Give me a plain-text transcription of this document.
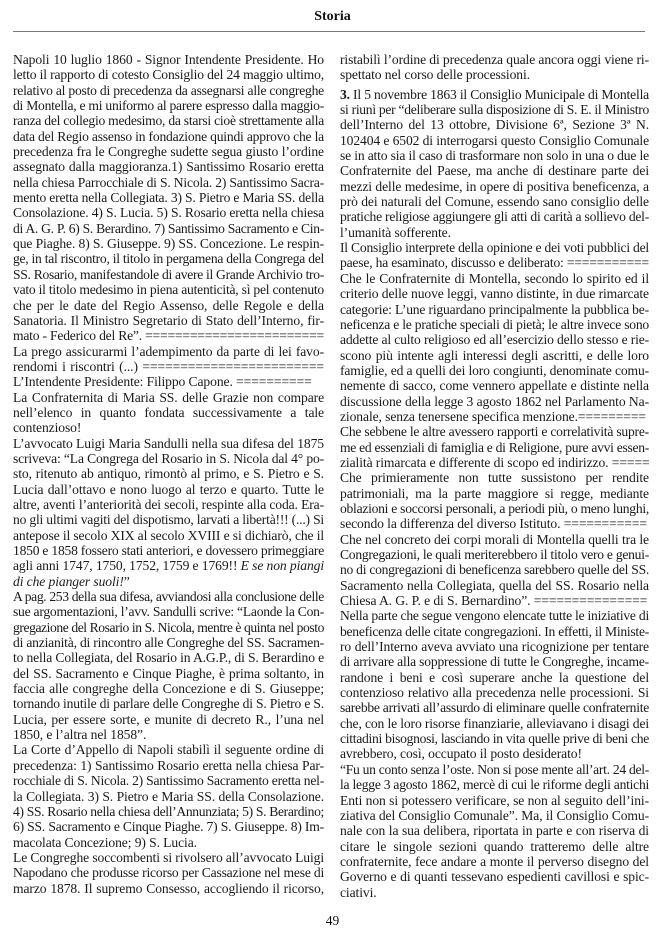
Storia
Napoli 10 luglio 1860 - Signor Intendente Presidente. Ho
letto il rapporto di cotesto Consiglio del 24 maggio ultimo,
relativo al posto di precedenza da assegnarsi alle congreghe
di Montella, e mi uniformo al parere espresso dalla maggio-
ranza del collegio medesimo, da starsi cioè strettamente alla
data del Regio assenso in fondazione quindi approvo che la
precedenza fra le Congreghe sudette segua giusto l’ordine
assegnato dalla maggioranza.1) Santissimo Rosario eretta
nella chiesa Parrocchiale di S. Nicola. 2) Santissimo Sacra-
mento eretta nella Collegiata. 3) S. Pietro e Maria SS. della
Consolazione. 4) S. Lucia. 5) S. Rosario eretta nella chiesa
di A. G. P. 6) S. Berardino. 7) Santissimo Sacramento e Cin-
que Piaghe. 8) S. Giuseppe. 9) SS. Concezione. Le respin-
ge, in tal riscontro, il titolo in pergamena della Congrega del
SS. Rosario, manifestandole di avere il Grande Archivio tro-
vato il titolo medesimo in piena autenticità, sì pel contenuto
che per le date del Regio Assenso, delle Regole e della
Sanatoria. Il Ministro Segretario di Stato dell’Interno, fir-
mato - Federico del Re”. ========================
La prego assicurarmi l’adempimento da parte di lei favo-
rendomi i riscontri (...) ========================
L’Intendente Presidente: Filippo Capone. ==========
La Confraternita di Maria SS. delle Grazie non compare
nell’elenco in quanto fondata successivamente a tale
contenzioso!
L’avvocato Luigi Maria Sandulli nella sua difesa del 1875
scriveva: “La Congrega del Rosario in S. Nicola dal 4° po-
sto, ritenuto ab antiquo, rimontò al primo, e S. Pietro e S.
Lucia dall’ottavo e nono luogo al terzo e quarto. Tutte le
altre, aventi l’anteriorità dei secoli, respinte alla coda. Era-
no gli ultimi vagiti del dispotismo, larvati a libertà!!! (...) Si
antepose il secolo XIX al secolo XVIII e si dichiarò, che il
1850 e 1858 fossero stati anteriori, e dovessero primeggiare
agli anni 1747, 1750, 1752, 1759 e 1769!! E se non piangi
di che pianger suoli!”
A pag. 253 della sua difesa, avviandosi alla conclusione delle
sue argomentazioni, l’avv. Sandulli scrive: “Laonde la Con-
gregazione del Rosario in S. Nicola, mentre è quinta nel posto
di anzianità, di rincontro alle Congreghe del SS. Sacramen-
to nella Collegiata, del Rosario in A.G.P., di S. Berardino e
del SS. Sacramento e Cinque Piaghe, è prima soltanto, in
faccia alle congreghe della Concezione e di S. Giuseppe;
tornando inutile di parlare delle Congreghe di S. Pietro e S.
Lucia, per essere sorte, e munite di decreto R., l’una nel
1850, e l’altra nel 1858”.
La Corte d’Appello di Napoli stabilì il seguente ordine di
precedenza: 1) Santissimo Rosario eretta nella chiesa Par-
rocchiale di S. Nicola. 2) Santissimo Sacramento eretta nel-
la Collegiata. 3) S. Pietro e Maria SS. della Consolazione.
4) SS. Rosario nella chiesa dell’Annunziata; 5) S. Berardino;
6) SS. Sacramento e Cinque Piaghe. 7) S. Giuseppe. 8) Im-
macolata Concezione; 9) S. Lucia.
Le Congreghe soccombenti si rivolsero all’avvocato Luigi
Napodano che produsse ricorso per Cassazione nel mese di
marzo 1878. Il supremo Consesso, accogliendo il ricorso,
ristabilì l’ordine di precedenza quale ancora oggi viene ri-
spettato nel corso delle processioni.
3. Il 5 novembre 1863 il Consiglio Municipale di Montella
si riunì per “deliberare sulla disposizione di S. E. il Ministro
dell’Interno del 13 ottobre, Divisione 6ª, Sezione 3ª N.
102404 e 6502 di interrogarsi questo Consiglio Comunale
se in atto sia il caso di trasformare non solo in una o due le
Confraternite del Paese, ma anche di destinare parte dei
mezzi delle medesime, in opere di positiva beneficenza, a
prò dei naturali del Comune, essendo sano consiglio delle
pratiche religiose aggiungere gli atti di carità a sollievo del-
l’umanità sofferente.
Il Consiglio interprete della opinione e dei voti pubblici del
paese, ha esaminato, discusso e deliberato: ===========
Che le Confraternite di Montella, secondo lo spirito ed il
criterio delle nuove leggi, vanno distinte, in due rimarcate
categorie: L’une riguardano principalmente la pubblica be-
neficenza e le pratiche speciali di pietà; le altre invece sono
addette al culto religioso ed all’esercizio dello stesso e rie-
scono più intente agli interessi degli ascritti, e delle loro
famiglie, ed a quelli dei loro congiunti, denominate comu-
nemente di sacco, come vennero appellate e distinte nella
discussione della legge 3 agosto 1862 nel Parlamento Na-
zionale, senza tenersene specifica menzione.=========
Che sebbene le altre avessero rapporti e correlatività supre-
me ed essenziali di famiglia e di Religione, pure avvi essen-
zialità rimarcata e differente di scopo ed indirizzo. =====
Che primieramente non tutte sussistono per rendite
patrimoniali, ma la parte maggiore si regge, mediante
oblazioni e soccorsi personali, a periodi più, o meno lunghi,
secondo la differenza del diverso Istituto. ===========
Che nel concreto dei corpi morali di Montella quelli tra le
Congregazioni, le quali meriterebbero il titolo vero e genui-
no di congregazioni di beneficenza sarebbero quelle del SS.
Sacramento nella Collegiata, quella del SS. Rosario nella
Chiesa A. G. P. e di S. Bernardino”. ===============
Nella parte che segue vengono elencate tutte le iniziative di
beneficenza delle citate congregazioni. In effetti, il Ministe-
ro dell’Interno aveva avviato una ricognizione per tentare
di arrivare alla soppressione di tutte le Congreghe, incame-
randone i beni e così superare anche la questione del
contenzioso relativo alla precedenza nelle processioni. Si
sarebbe arrivati all’assurdo di eliminare quelle confraternite
che, con le loro risorse finanziarie, alleviavano i disagi dei
cittadini bisognosi, lasciando in vita quelle prive di beni che
avrebbero, così, occupato il posto desiderato!
“Fu un conto senza l’oste. Non si pose mente all’art. 24 del-
la legge 3 agosto 1862, mercè di cui le riforme degli antichi
Enti non si potessero verificare, se non al seguito dell’ini-
ziativa del Consiglio Comunale”. Ma, il Consiglio Comu-
nale con la sua delibera, riportata in parte e con riserva di
citare le singole sezioni quando tratteremo delle altre
confraternite, fece andare a monte il perverso disegno del
Governo e di quanti tessevano espedienti cavillosi e spic-
ciativi.
49
